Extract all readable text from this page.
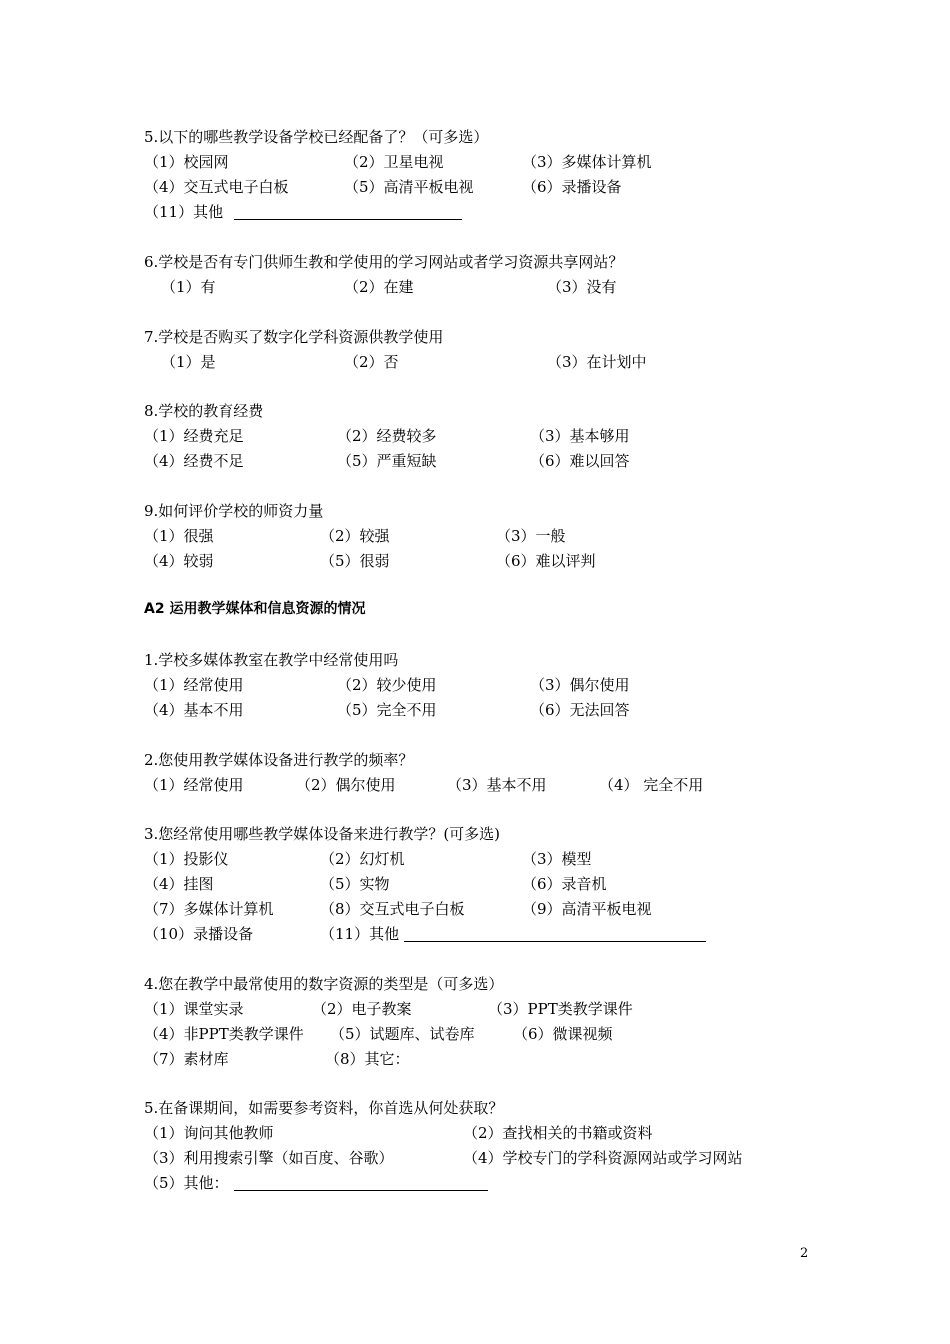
5.以下的哪些教学设备学校已经配备了？（可多选）
（1）校园网	（2）卫星电视	（3）多媒体计算机
（4）交互式电子白板	（5）高清平板电视	（6）录播设备
（11）其他
6.学校是否有专门供师生教和学使用的学习网站或者学习资源共享网站？
（1）有	（2）在建	（3）没有
7.学校是否购买了数字化学科资源供教学使用
（1）是	（2）否	（3）在计划中
8.学校的教育经费
（1）经费充足	（2）经费较多	（3）基本够用
（4）经费不足	（5）严重短缺	（6）难以回答
9.如何评价学校的师资力量
（1）很强	（2）较强	（3）一般
（4）较弱	（5）很弱	（6）难以评判
A2 运用教学媒体和信息资源的情况
1.学校多媒体教室在教学中经常使用吗
（1）经常使用	（2）较少使用	（3）偶尔使用
（4）基本不用	（5）完全不用	（6）无法回答
2.您使用教学媒体设备进行教学的频率？
（1）经常使用	（2）偶尔使用	（3）基本不用	（4） 完全不用
3.您经常使用哪些教学媒体设备来进行教学？(可多选)
（1）投影仪	（2）幻灯机	（3）模型
（4）挂图	（5）实物	（6）录音机
（7）多媒体计算机	（8）交互式电子白板	（9）高清平板电视
（10）录播设备	（11）其他
4.您在教学中最常使用的数字资源的类型是（可多选）
（1）课堂实录	（2）电子教案	（3）PPT类教学课件
（4）非PPT类教学课件 （5）试题库、试卷库	（6）微课视频
（7）素材库	（8）其它：
5.在备课期间，如需要参考资料，你首选从何处获取？
（1）询问其他教师	（2）查找相关的书籍或资料
（3）利用搜索引擎（如百度、谷歌）	（4）学校专门的学科资源网站或学习网站
（5）其他：
2
